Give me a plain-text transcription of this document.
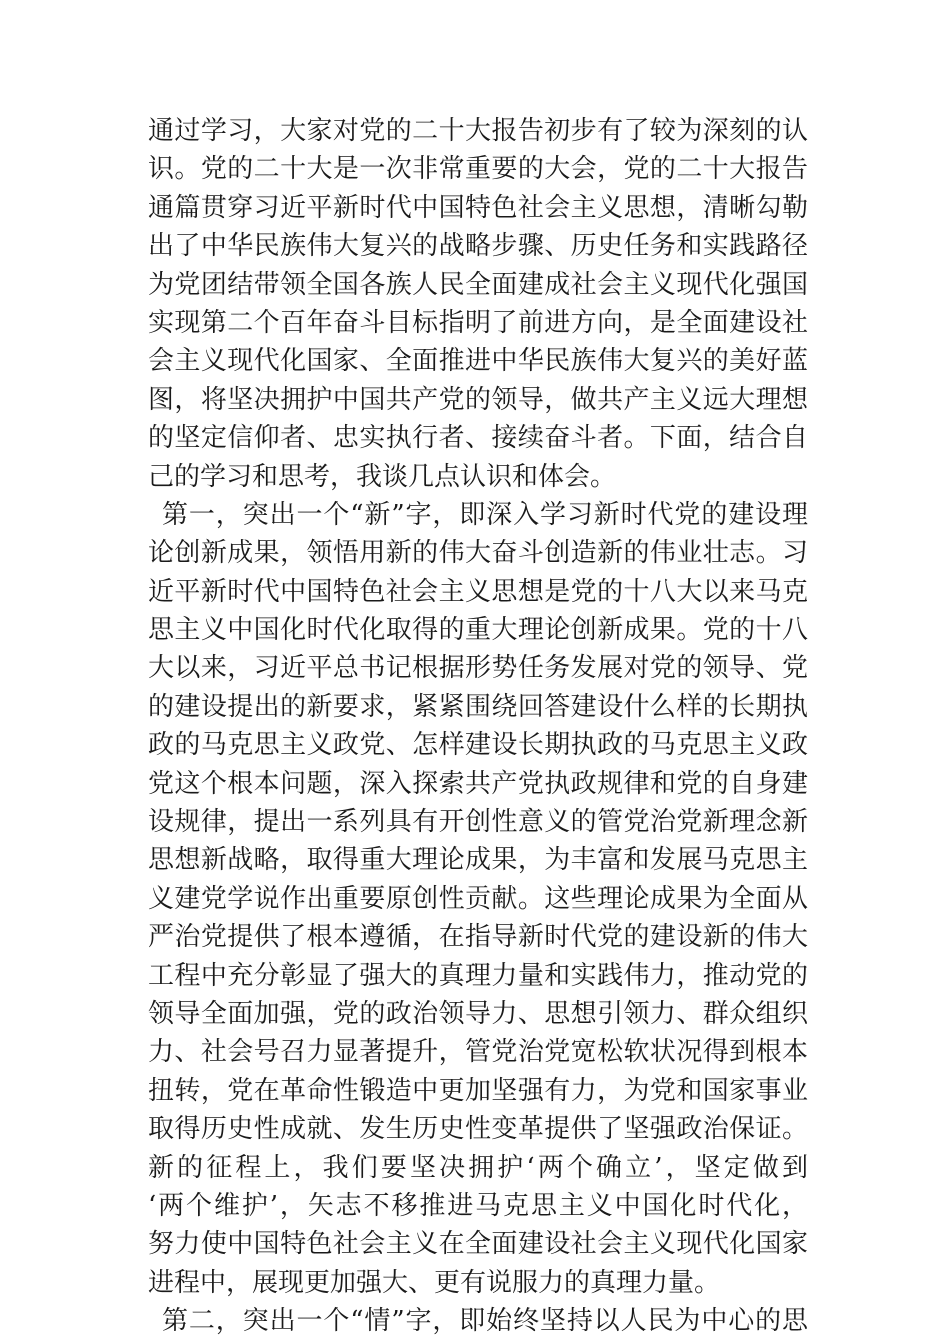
通过学习，大家对党的二十大报告初步有了较为深刻的认
识。党的二十大是一次非常重要的大会，党的二十大报告
通篇贯穿习近平新时代中国特色社会主义思想，清晰勾勒
出了中华民族伟大复兴的战略步骤、历史任务和实践路径
为党团结带领全国各族人民全面建成社会主义现代化强国
实现第二个百年奋斗目标指明了前进方向，是全面建设社
会主义现代化国家、全面推进中华民族伟大复兴的美好蓝
图，将坚决拥护中国共产党的领导，做共产主义远大理想
的坚定信仰者、忠实执行者、接续奋斗者。下面，结合自
己的学习和思考，我谈几点认识和体会。
第一，突出一个“新”字，即深入学习新时代党的建设理
论创新成果，领悟用新的伟大奋斗创造新的伟业壮志。习
近平新时代中国特色社会主义思想是党的十八大以来马克
思主义中国化时代化取得的重大理论创新成果。党的十八
大以来，习近平总书记根据形势任务发展对党的领导、党
的建设提出的新要求，紧紧围绕回答建设什么样的长期执
政的马克思主义政党、怎样建设长期执政的马克思主义政
党这个根本问题，深入探索共产党执政规律和党的自身建
设规律，提出一系列具有开创性意义的管党治党新理念新
思想新战略，取得重大理论成果，为丰富和发展马克思主
义建党学说作出重要原创性贡献。这些理论成果为全面从
严治党提供了根本遵循，在指导新时代党的建设新的伟大
工程中充分彰显了强大的真理力量和实践伟力，推动党的
领导全面加强，党的政治领导力、思想引领力、群众组织
力、社会号召力显著提升，管党治党宽松软状况得到根本
扭转，党在革命性锻造中更加坚强有力，为党和国家事业
取得历史性成就、发生历史性变革提供了坚强政治保证。
新的征程上，我们要坚决拥护‘两个确立’，坚定做到
‘两个维护’，矢志不移推进马克思主义中国化时代化，
努力使中国特色社会主义在全面建设社会主义现代化国家
进程中，展现更加强大、更有说服力的真理力量。
第二，突出一个“情”字，即始终坚持以人民为中心的思
